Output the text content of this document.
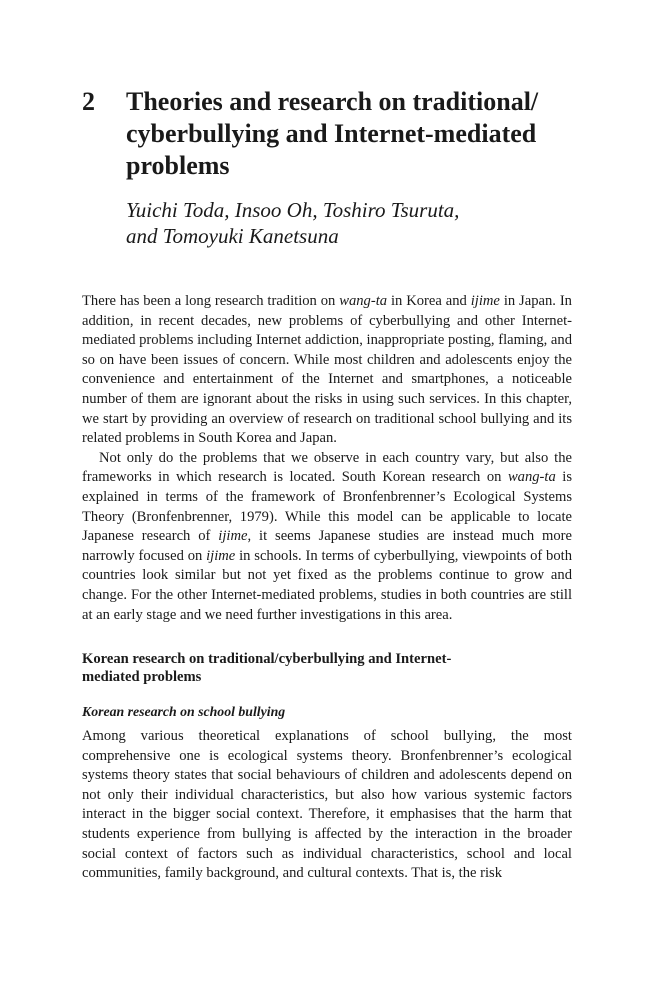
2 Theories and research on traditional/ cyberbullying and Internet-mediated problems
Yuichi Toda, Insoo Oh, Toshiro Tsuruta,
and Tomoyuki Kanetsuna

There has been a long research tradition on wang-ta in Korea and ijime in Japan. In addition, in recent decades, new problems of cyberbullying and other Internet-mediated problems including Internet addiction, inappropriate posting, flaming, and so on have been issues of concern. While most children and adolescents enjoy the convenience and entertainment of the Internet and smartphones, a noticeable number of them are ignorant about the risks in using such services. In this chapter, we start by providing an overview of research on traditional school bullying and its related problems in South Korea and Japan.

Not only do the problems that we observe in each country vary, but also the frameworks in which research is located. South Korean research on wang-ta is explained in terms of the framework of Bronfenbrenner’s Ecological Systems Theory (Bronfenbrenner, 1979). While this model can be applicable to locate Japanese research of ijime, it seems Japanese studies are instead much more narrowly focused on ijime in schools. In terms of cyberbullying, viewpoints of both countries look similar but not yet fixed as the problems continue to grow and change. For the other Internet-mediated problems, studies in both countries are still at an early stage and we need further investigations in this area.

Korean research on traditional/cyberbullying and Internet-mediated problems
Korean research on school bullying

Among various theoretical explanations of school bullying, the most comprehensive one is ecological systems theory. Bronfenbrenner’s ecological systems theory states that social behaviours of children and adolescents depend on not only their individual characteristics, but also how various systemic factors interact in the bigger social context. Therefore, it emphasises that the harm that students experience from bullying is affected by the interaction in the broader social context of factors such as individual characteristics, school and local communities, family background, and cultural contexts. That is, the risk
